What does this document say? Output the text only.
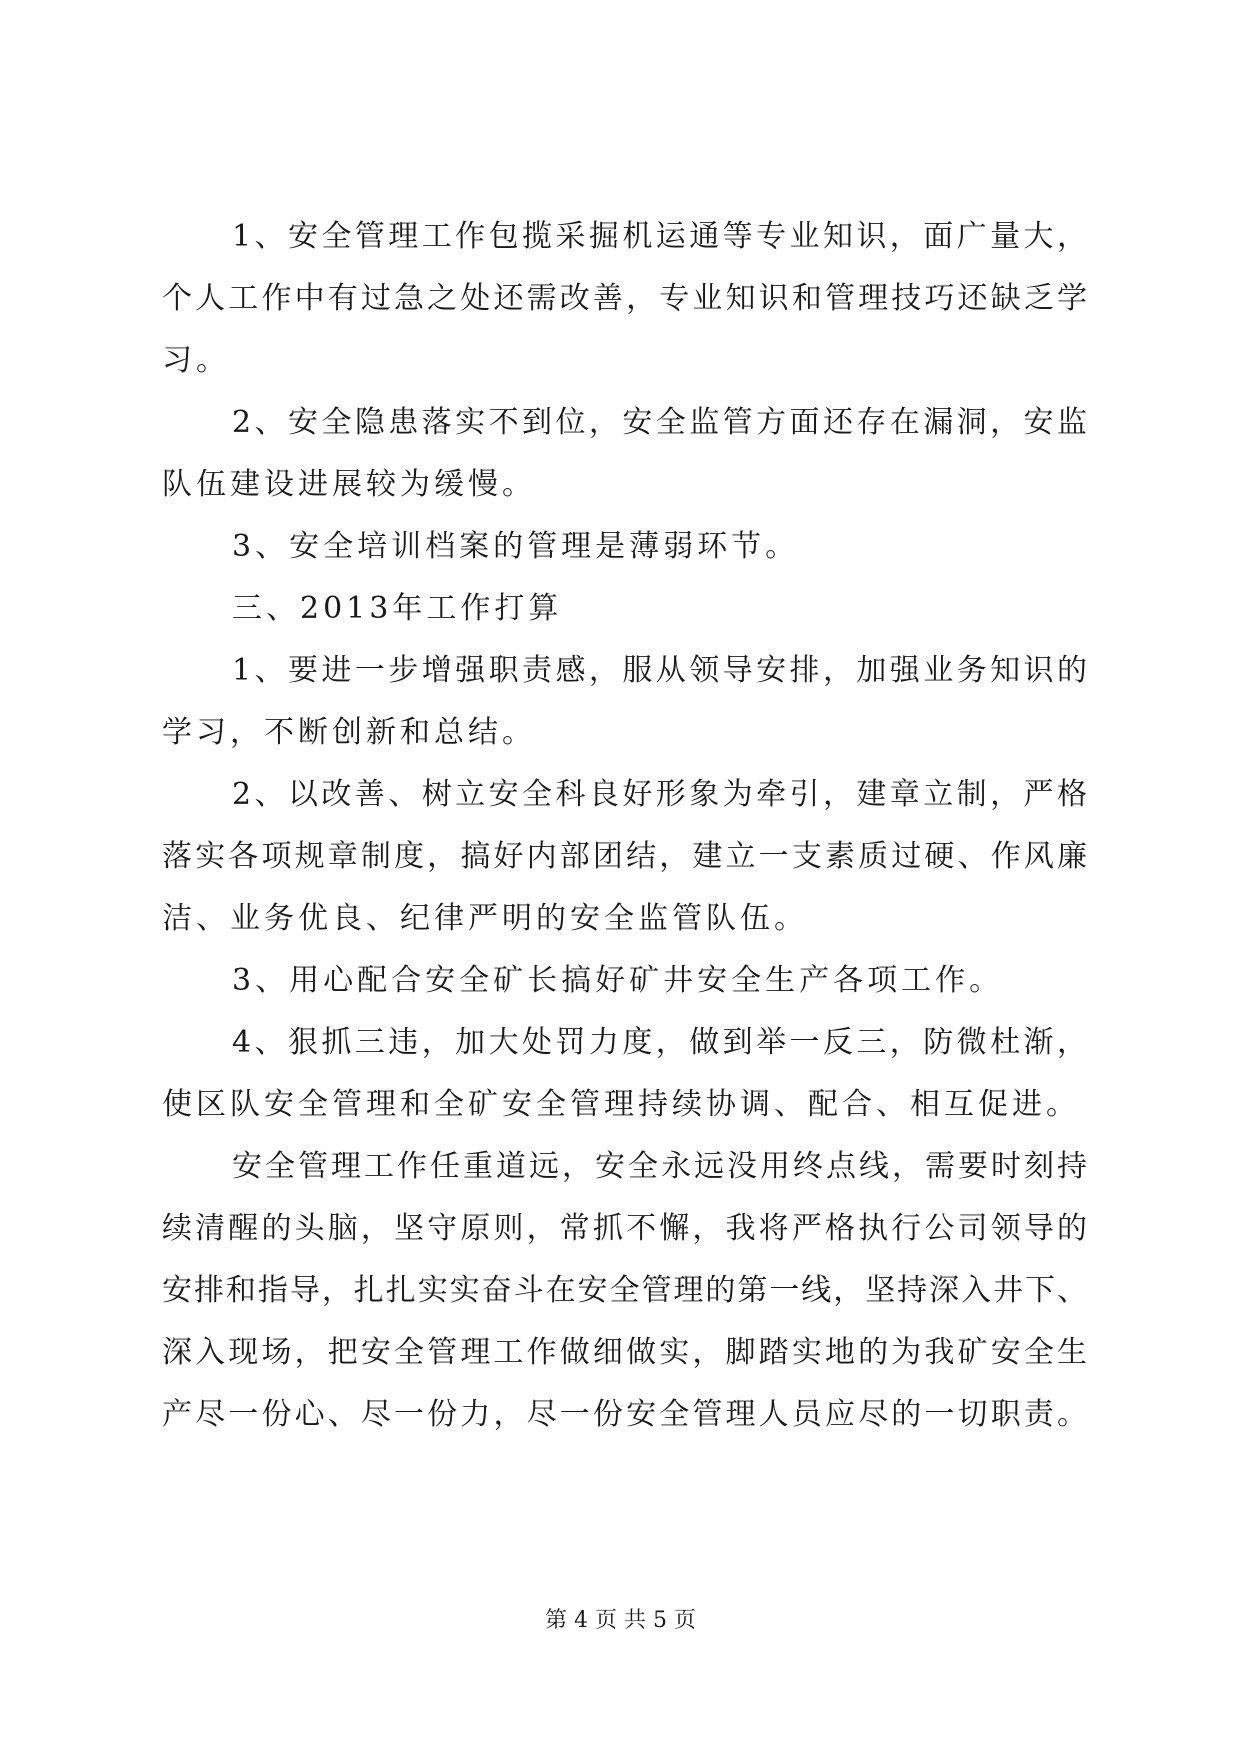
1、安全管理工作包揽采掘机运通等专业知识，面广量大，
个人工作中有过急之处还需改善，专业知识和管理技巧还缺乏学
习。
2、安全隐患落实不到位，安全监管方面还存在漏洞，安监
队伍建设进展较为缓慢。
3、安全培训档案的管理是薄弱环节。
三、2013年工作打算
1、要进一步增强职责感，服从领导安排，加强业务知识的
学习，不断创新和总结。
2、以改善、树立安全科良好形象为牵引，建章立制，严格
落实各项规章制度，搞好内部团结，建立一支素质过硬、作风廉
洁、业务优良、纪律严明的安全监管队伍。
3、用心配合安全矿长搞好矿井安全生产各项工作。
4、狠抓三违，加大处罚力度，做到举一反三，防微杜渐，
使区队安全管理和全矿安全管理持续协调、配合、相互促进。
安全管理工作任重道远，安全永远没用终点线，需要时刻持
续清醒的头脑，坚守原则，常抓不懈，我将严格执行公司领导的
安排和指导，扎扎实实奋斗在安全管理的第一线，坚持深入井下、
深入现场，把安全管理工作做细做实，脚踏实地的为我矿安全生
产尽一份心、尽一份力，尽一份安全管理人员应尽的一切职责。
第 4 页 共 5 页
